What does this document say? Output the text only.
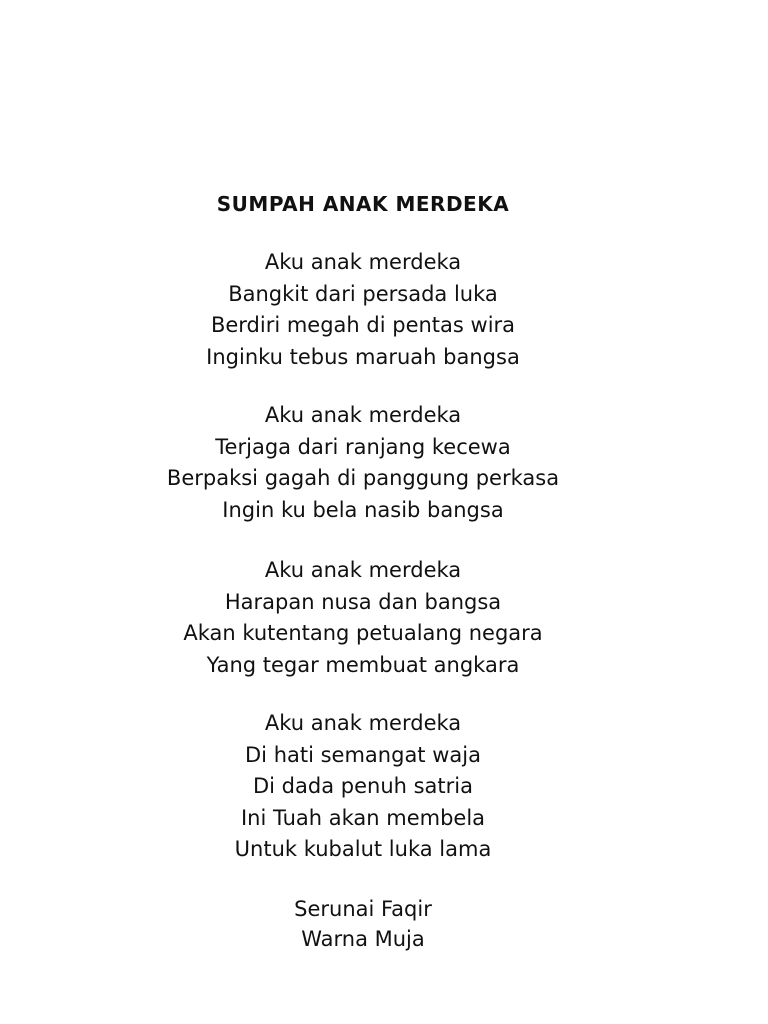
SUMPAH ANAK MERDEKA
Aku anak merdeka
Bangkit dari persada luka
Berdiri megah di pentas wira
Inginku tebus maruah bangsa
Aku anak merdeka
Terjaga dari ranjang kecewa
Berpaksi gagah di panggung perkasa
Ingin ku bela nasib bangsa
Aku anak merdeka
Harapan nusa dan bangsa
Akan kutentang petualang negara
Yang tegar membuat angkara
Aku anak merdeka
Di hati semangat waja
Di dada penuh satria
Ini Tuah akan membela
Untuk kubalut luka lama
Serunai Faqir
Warna Muja
